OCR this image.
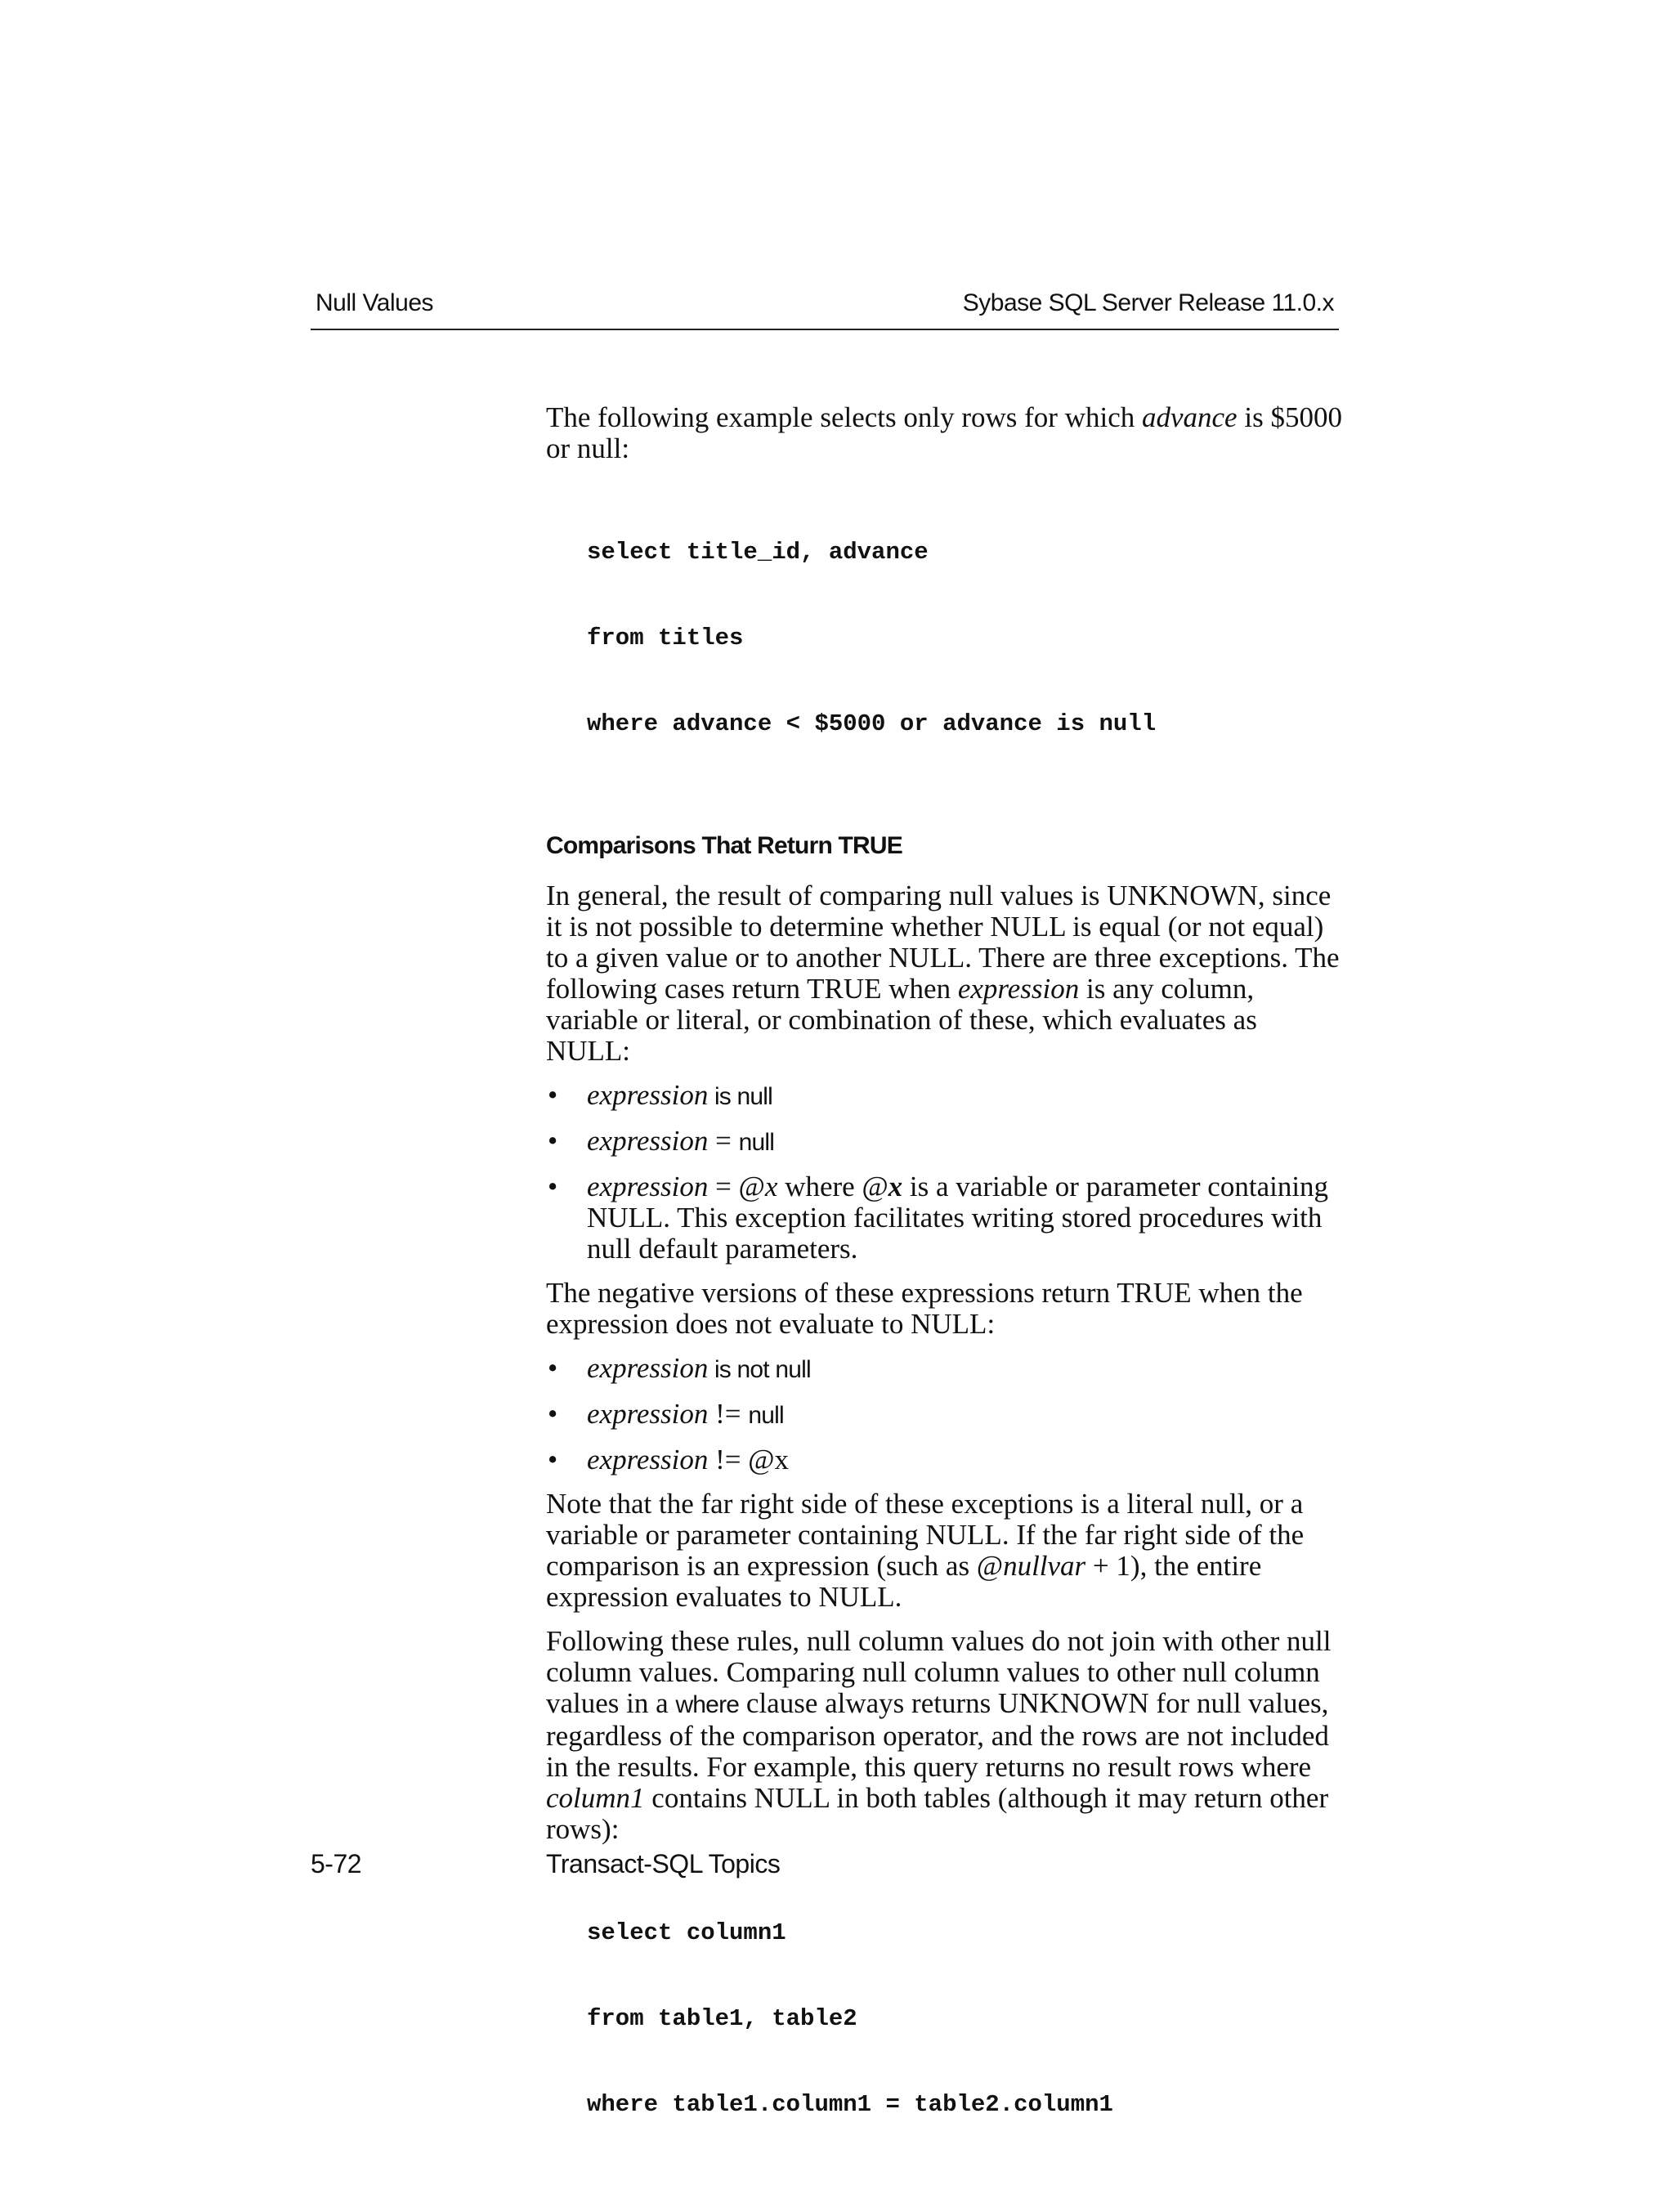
Null Values	Sybase SQL Server Release 11.0.x

The following example selects only rows for which advance is $5000 or null:

select title_id, advance

from titles

where advance < $5000 or advance is null

Comparisons That Return TRUE

In general, the result of comparing null values is UNKNOWN, since it is not possible to determine whether NULL is equal (or not equal) to a given value or to another NULL. There are three exceptions. The following cases return TRUE when expression is any column, variable or literal, or combination of these, which evaluates as NULL:

• expression is null
• expression = null
• expression = @x where @x is a variable or parameter containing NULL. This exception facilitates writing stored procedures with null default parameters.

The negative versions of these expressions return TRUE when the expression does not evaluate to NULL:

• expression is not null
• expression != null
• expression != @x

Note that the far right side of these exceptions is a literal null, or a variable or parameter containing NULL. If the far right side of the comparison is an expression (such as @nullvar + 1), the entire expression evaluates to NULL.

Following these rules, null column values do not join with other null column values. Comparing null column values to other null column values in a where clause always returns UNKNOWN for null values, regardless of the comparison operator, and the rows are not included in the results. For example, this query returns no result rows where column1 contains NULL in both tables (although it may return other rows):

select column1

from table1, table2

where table1.column1 = table2.column1

5-72	Transact-SQL Topics
